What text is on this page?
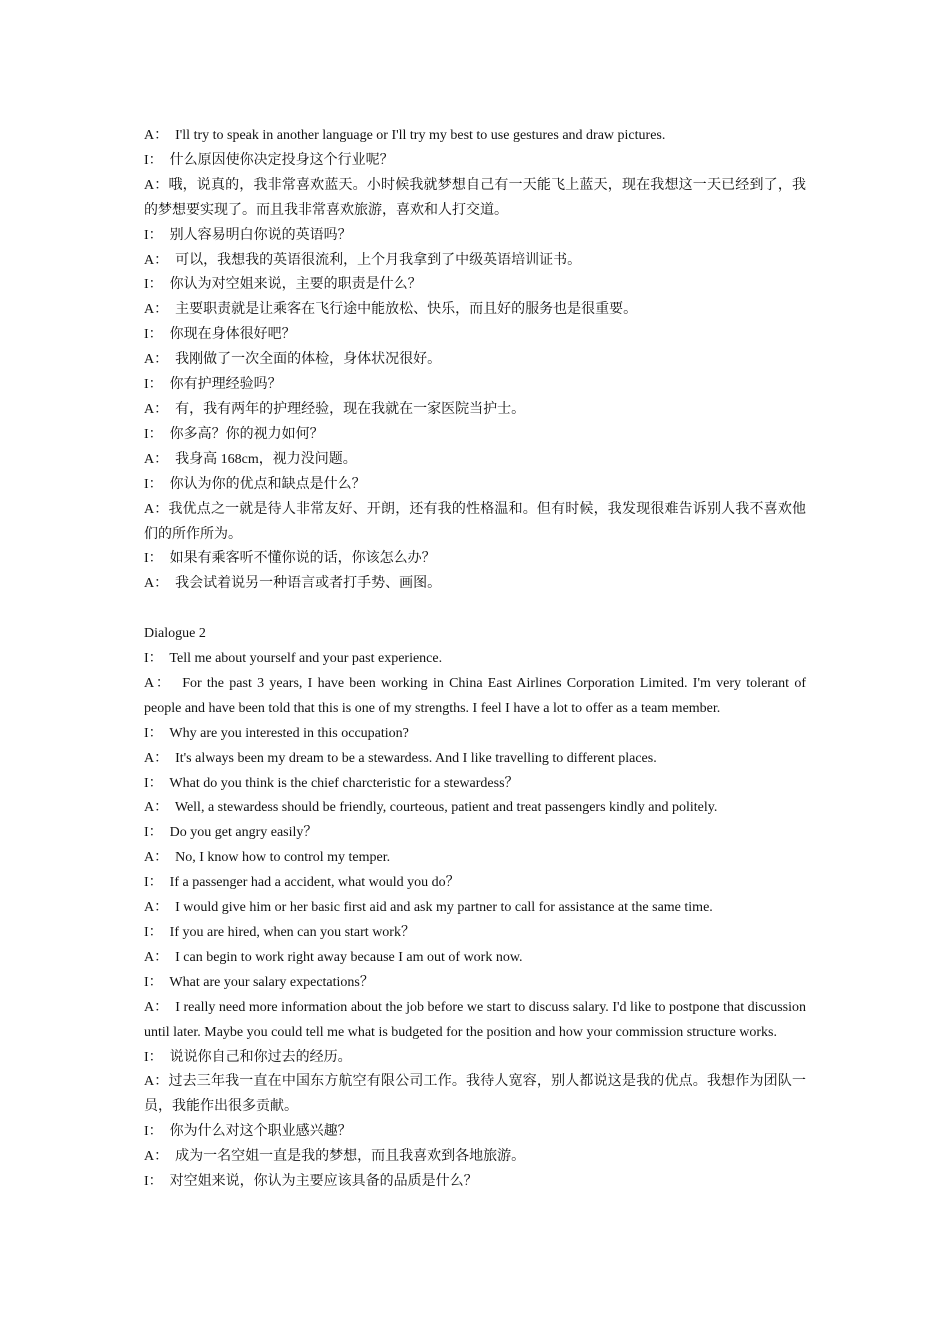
A：  I'll try to speak in another language or I'll try my best to use gestures and draw pictures.

I：  什么原因使你决定投身这个行业呢？

A：哦，说真的，我非常喜欢蓝天。小时候我就梦想自己有一天能飞上蓝天，现在我想这一天已经到了，我的梦想要实现了。而且我非常喜欢旅游，喜欢和人打交道。

I：  别人容易明白你说的英语吗？

A：  可以，我想我的英语很流利，上个月我拿到了中级英语培训证书。

I：  你认为对空姐来说，主要的职责是什么？

A：  主要职责就是让乘客在飞行途中能放松、快乐，而且好的服务也是很重要。

I：  你现在身体很好吧？

A：  我刚做了一次全面的体检，身体状况很好。

I：  你有护理经验吗？

A：  有，我有两年的护理经验，现在我就在一家医院当护士。

I：  你多高？你的视力如何？

A：  我身高 168cm，视力没问题。

I：  你认为你的优点和缺点是什么？

A：我优点之一就是待人非常友好、开朗，还有我的性格温和。但有时候，我发现很难告诉别人我不喜欢他们的所作所为。

I：  如果有乘客听不懂你说的话，你该怎么办？

A：  我会试着说另一种语言或者打手势、画图。

Dialogue 2

I：  Tell me about yourself and your past experience.

A：  For the past 3 years, I have been working in China East Airlines Corporation Limited. I'm very tolerant of people and have been told that this is one of my strengths. I feel I have a lot to offer as a team member.

I：  Why are you interested in this occupation?

A：  It's always been my dream to be a stewardess. And I like travelling to different places.

I：  What do you think is the chief charcteristic for a stewardess？

A：  Well, a stewardess should be friendly, courteous, patient and treat passengers kindly and politely.

I：  Do you get angry easily？

A：  No, I know how to control my temper.

I：  If a passenger had a accident, what would you do？

A：  I would give him or her basic first aid and ask my partner to call for assistance at the same time.

I：  If you are hired, when can you start work？

A：  I can begin to work right away because I am out of work now.

I：  What are your salary expectations？

A：  I really need more information about the job before we start to discuss salary. I'd like to postpone that discussion until later. Maybe you could tell me what is budgeted for the position and how your commission structure works.

I：  说说你自己和你过去的经历。

A：过去三年我一直在中国东方航空有限公司工作。我待人宽容，别人都说这是我的优点。我想作为团队一员，我能作出很多贡献。

I：  你为什么对这个职业感兴趣？

A：  成为一名空姐一直是我的梦想，而且我喜欢到各地旅游。

I：  对空姐来说，你认为主要应该具备的品质是什么？
